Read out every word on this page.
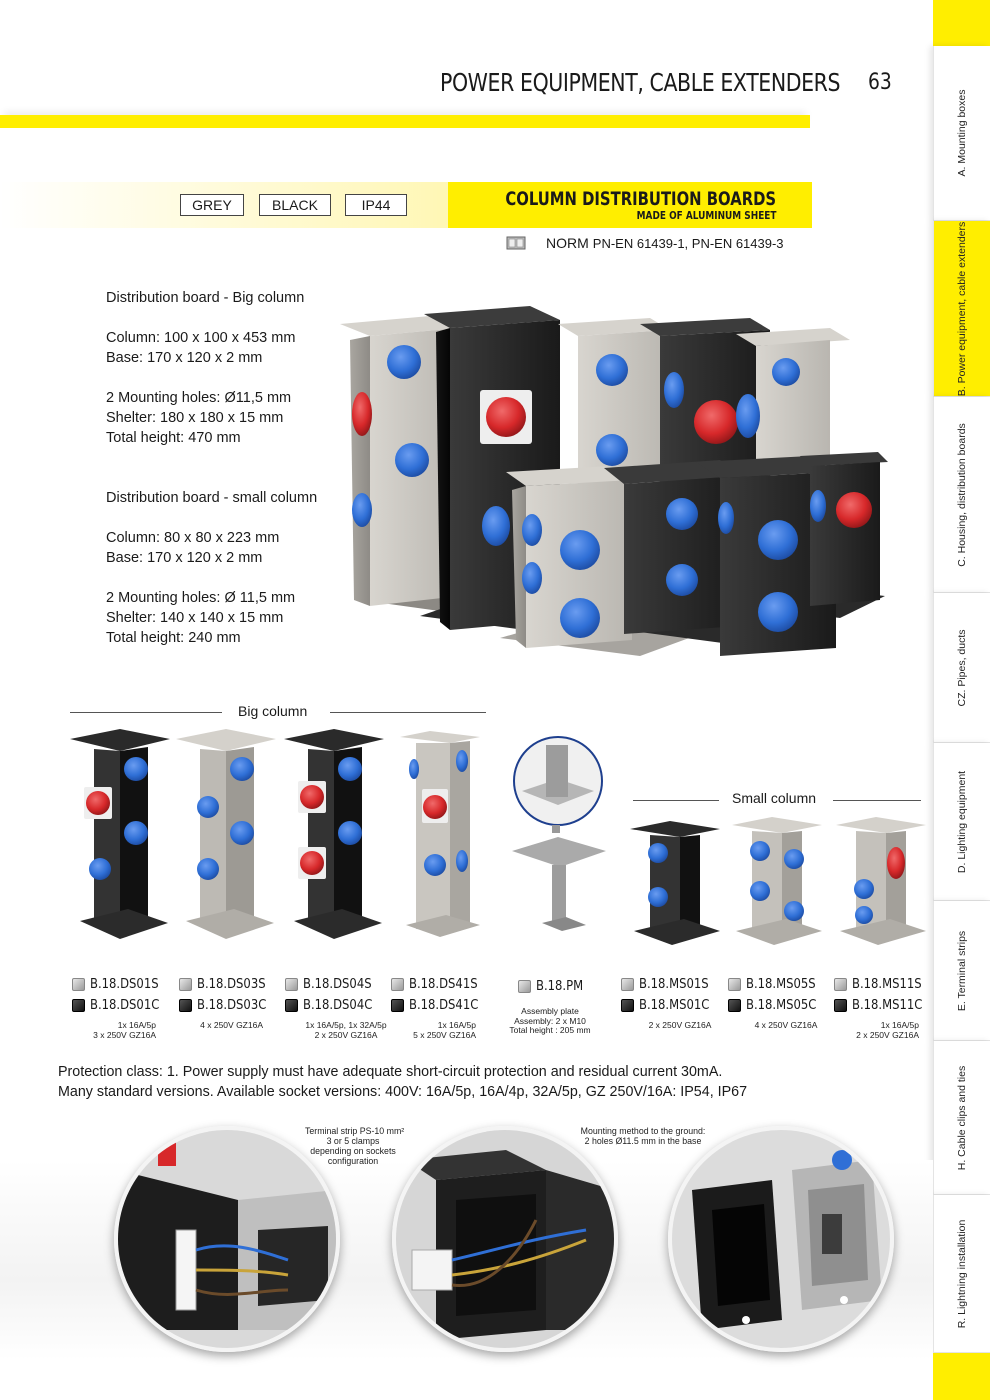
POWER EQUIPMENT, CABLE EXTENDERS 63
A. Mounting boxes
B. Power equipment, cable extenders
C. Housing, distribution boards
CZ. Pipes, ducts
D. Lighting equipment
E. Terminal strips
H. Cable clips and ties
R. Lightning installation
GREY	BLACK	IP44	COLUMN DISTRIBUTION BOARDS
MADE OF ALUMINUM SHEET
NORM PN-EN 61439-1, PN-EN 61439-3
Distribution board - Big column
Column: 100 x 100 x 453 mm
Base: 170 x 120 x 2 mm
2 Mounting holes: Ø11,5 mm
Shelter: 180 x 180 x 15 mm
Total height: 470 mm
Distribution board - small column
Column: 80 x 80 x 223 mm
Base: 170 x 120 x 2 mm
2 Mounting holes: Ø 11,5 mm
Shelter: 140 x 140 x 15 mm
Total height: 240 mm
Big column
Small column
B.18.DS01S
B.18.DS01C
1x 16A/5p
3 x 250V GZ16A
B.18.DS03S
B.18.DS03C
4 x 250V GZ16A
B.18.DS04S
B.18.DS04C
1x 16A/5p, 1x 32A/5p
2 x 250V GZ16A
B.18.DS41S
B.18.DS41C
1x 16A/5p
5 x 250V GZ16A
B.18.PM
Assembly plate
Assembly: 2 x M10
Total height : 205 mm
B.18.MS01S
B.18.MS01C
2 x 250V GZ16A
B.18.MS05S
B.18.MS05C
4 x 250V GZ16A
B.18.MS11S
B.18.MS11C
1x 16A/5p
2 x 250V GZ16A
Protection class: 1. Power supply must have adequate short-circuit protection and residual current 30mA.
Many standard versions. Available socket versions: 400V: 16A/5p, 16A/4p, 32A/5p, GZ 250V/16A: IP54, IP67
Terminal strip PS-10 mm²
3 or 5 clamps
depending on sockets
configuration
Mounting method to the ground:
2 holes Ø11.5 mm in the base
